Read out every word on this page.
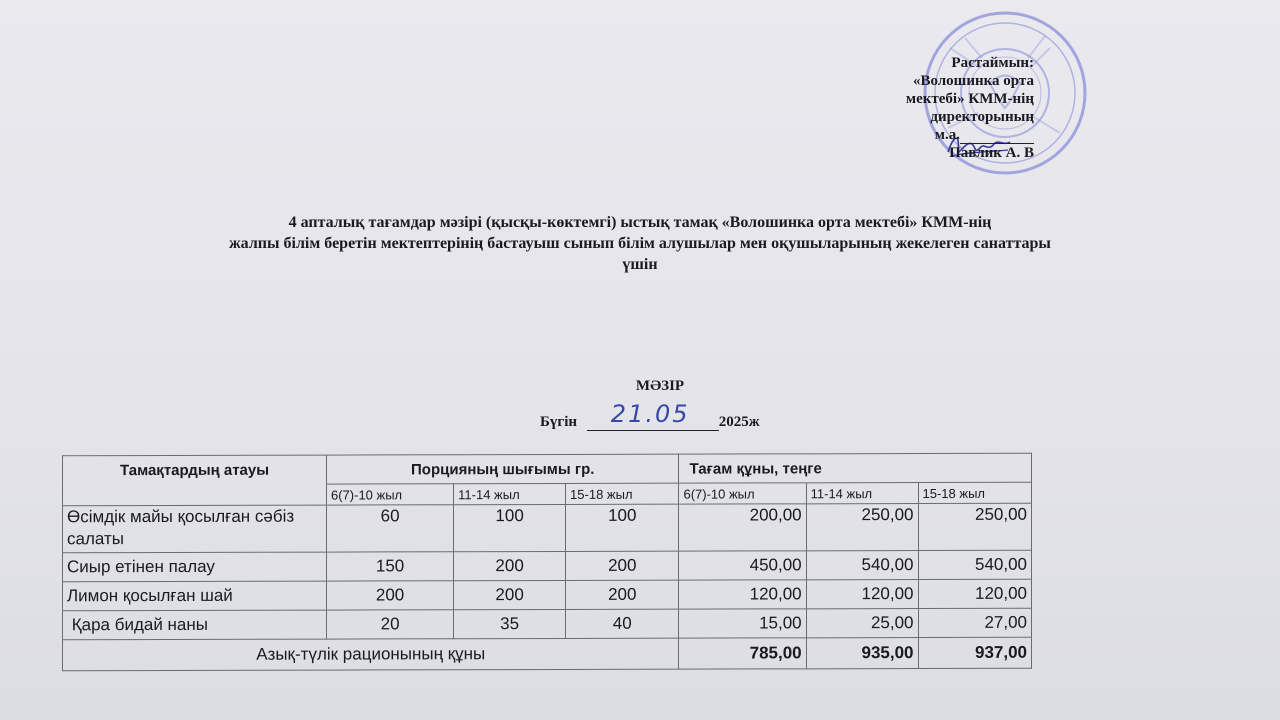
Растаймын:
«Волошинка орта
мектебі» КММ-нің
директорының
м.а.
Павлик А. В
4 апталық тағамдар мәзірі (қысқы-көктемгі) ыстық тамақ «Волошинка орта мектебі» КММ-нің
жалпы білім беретін мектептерінің бастауыш сынып білім алушылар мен оқушыларының жекелеген санаттары
үшін
МӘЗІР
Бүгін 21.05 2025ж
Тамақтардың атауы	Порцияның шығымы гр.			Тағам құны, теңге		
	6(7)-10 жыл	11-14 жыл	15-18 жыл	6(7)-10 жыл	11-14 жыл	15-18 жыл
Өсімдік майы қосылған сәбіз салаты	60	100	100	200,00	250,00	250,00
Сиыр етінен палау	150	200	200	450,00	540,00	540,00
Лимон қосылған шай	200	200	200	120,00	120,00	120,00
Қара бидай наны	20	35	40	15,00	25,00	27,00
Азық-түлік рационының құны				785,00	935,00	937,00
